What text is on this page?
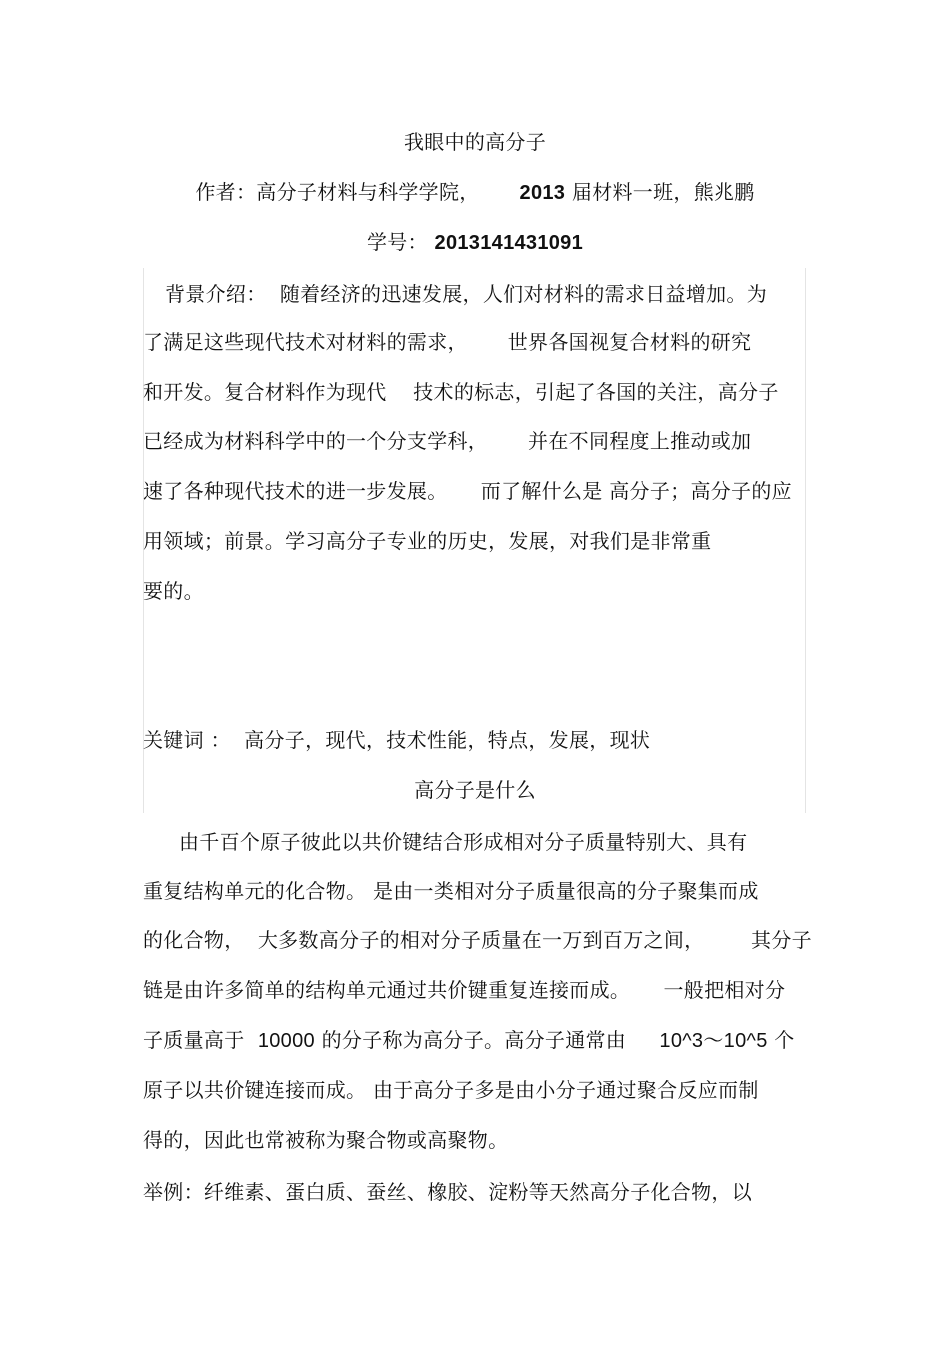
我眼中的高分子
作者：高分子材料与科学学院， 2013 届材料一班，熊兆鹏
学号： 2013141431091
背景介绍：  随着经济的迅速发展，人们对材料的需求日益增加。为
了满足这些现代技术对材料的需求，      世界各国视复合材料的研究
和开发。复合材料作为现代    技术的标志，引起了各国的关注，高分子
已经成为材料科学中的一个分支学科，      并在不同程度上推动或加
速了各种现代技术的进一步发展。     而了解什么是 高分子；高分子的应
用领域；前景。学习高分子专业的历史，发展，对我们是非常重
要的。
关键词 ：  高分子，现代，技术性能，特点，发展，现状
高分子是什么
由千百个原子彼此以共价键结合形成相对分子质量特别大、具有
重复结构单元的化合物。 是由一类相对分子质量很高的分子聚集而成
的化合物，  大多数高分子的相对分子质量在一万到百万之间，       其分子
链是由许多简单的结构单元通过共价键重复连接而成。     一般把相对分
子质量高于  10000 的分子称为高分子。高分子通常由     10^3～10^5 个
原子以共价键连接而成。 由于高分子多是由小分子通过聚合反应而制
得的，因此也常被称为聚合物或高聚物。
举例：纤维素、蛋白质、蚕丝、橡胶、淀粉等天然高分子化合物，以
